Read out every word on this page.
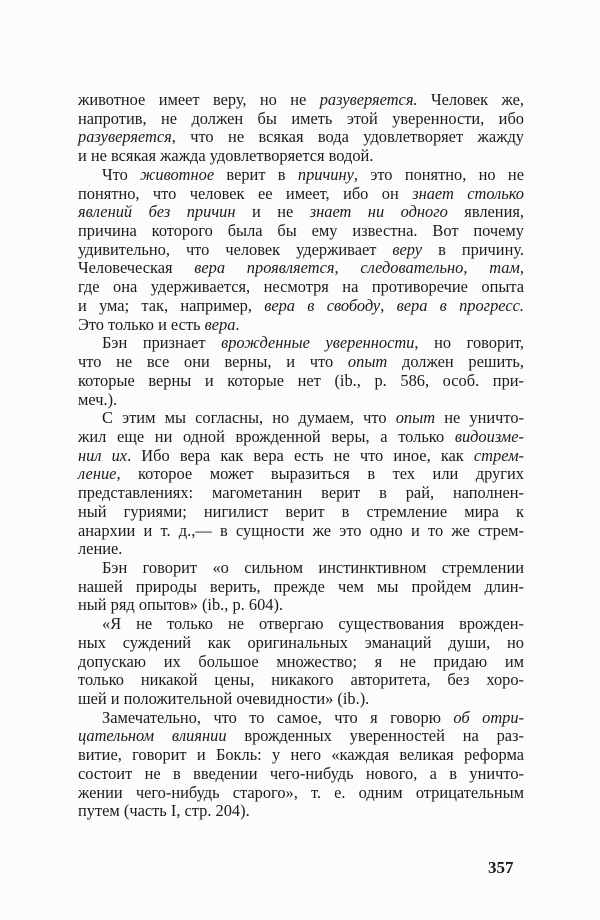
животное имеет веру, но не разуверяется. Человек же,
напротив, не должен бы иметь этой уверенности, ибо
разуверяется, что не всякая вода удовлетворяет жажду
и не всякая жажда удовлетворяется водой.
Что животное верит в причину, это понятно, но не
понятно, что человек ее имеет, ибо он знает столько
явлений без причин и не знает ни одного явления,
причина которого была бы ему известна. Вот почему
удивительно, что человек удерживает веру в причину.
Человеческая вера проявляется, следовательно, там,
где она удерживается, несмотря на противоречие опыта
и ума; так, например, вера в свободу, вера в прогресс.
Это только и есть вера.
Бэн признает врожденные уверенности, но говорит,
что не все они верны, и что опыт должен решить,
которые верны и которые нет (ib., p. 586, особ. при-
меч.).
С этим мы согласны, но думаем, что опыт не уничто-
жил еще ни одной врожденной веры, а только видоизме-
нил их. Ибо вера как вера есть не что иное, как стрем-
ление, которое может выразиться в тех или других
представлениях: магометанин верит в рай, наполнен-
ный гуриями; нигилист верит в стремление мира к
анархии и т. д.,— в сущности же это одно и то же стрем-
ление.
Бэн говорит «о сильном инстинктивном стремлении
нашей природы верить, прежде чем мы пройдем длин-
ный ряд опытов» (ib., p. 604).
«Я не только не отвергаю существования врожден-
ных суждений как оригинальных эманаций души, но
допускаю их большое множество; я не придаю им
только никакой цены, никакого авторитета, без хоро-
шей и положительной очевидности» (ib.).
Замечательно, что то самое, что я говорю об отри-
цательном влиянии врожденных уверенностей на раз-
витие, говорит и Бокль: у него «каждая великая реформа
состоит не в введении чего-нибудь нового, а в уничто-
жении чего-нибудь старого», т. е. одним отрицательным
путем (часть I, стр. 204).
357
